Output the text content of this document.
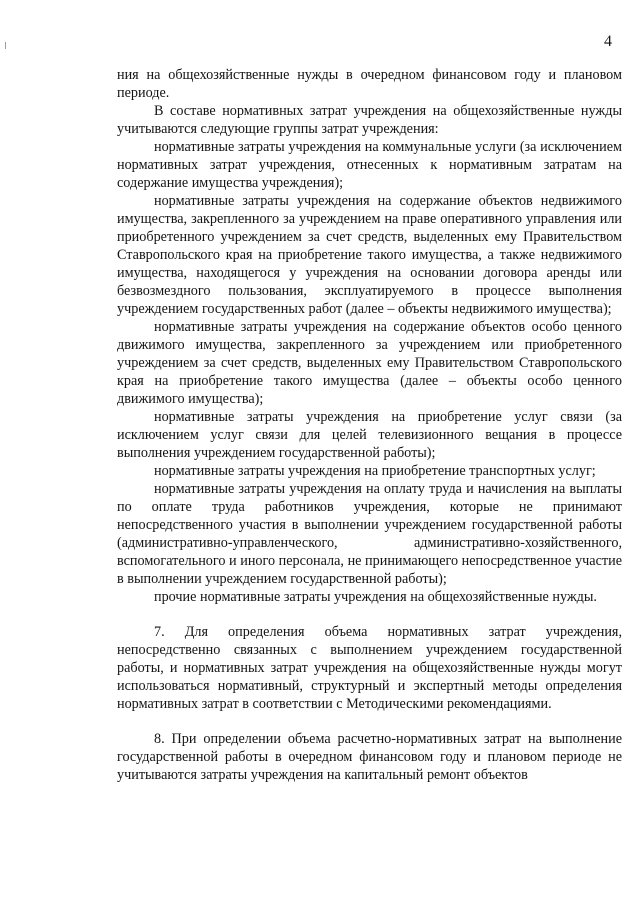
4

ния на общехозяйственные нужды в очередном финансовом году и плановом периоде.

В составе нормативных затрат учреждения на общехозяйственные нужды учитываются следующие группы затрат учреждения:

нормативные затраты учреждения на коммунальные услуги (за исключением нормативных затрат учреждения, отнесенных к нормативным затратам на содержание имущества учреждения);

нормативные затраты учреждения на содержание объектов недвижимого имущества, закрепленного за учреждением на праве оперативного управления или приобретенного учреждением за счет средств, выделенных ему Правительством Ставропольского края на приобретение такого имущества, а также недвижимого имущества, находящегося у учреждения на основании договора аренды или безвозмездного пользования, эксплуатируемого в процессе выполнения учреждением государственных работ (далее – объекты недвижимого имущества);

нормативные затраты учреждения на содержание объектов особо ценного движимого имущества, закрепленного за учреждением или приобретенного учреждением за счет средств, выделенных ему Правительством Ставропольского края на приобретение такого имущества (далее – объекты особо ценного движимого имущества);

нормативные затраты учреждения на приобретение услуг связи (за исключением услуг связи для целей телевизионного вещания в процессе выполнения учреждением государственной работы);

нормативные затраты учреждения на приобретение транспортных услуг;

нормативные затраты учреждения на оплату труда и начисления на выплаты по оплате труда работников учреждения, которые не принимают непосредственного участия в выполнении учреждением государственной работы (административно-управленческого, административно-хозяйственного, вспомогательного и иного персонала, не принимающего непосредственное участие в выполнении учреждением государственной работы);

прочие нормативные затраты учреждения на общехозяйственные нужды.

7. Для определения объема нормативных затрат учреждения, непосредственно связанных с выполнением учреждением государственной работы, и нормативных затрат учреждения на общехозяйственные нужды могут использоваться нормативный, структурный и экспертный методы определения нормативных затрат в соответствии с Методическими рекомендациями.

8. При определении объема расчетно-нормативных затрат на выполнение государственной работы в очередном финансовом году и плановом периоде не учитываются затраты учреждения на капитальный ремонт объектов
